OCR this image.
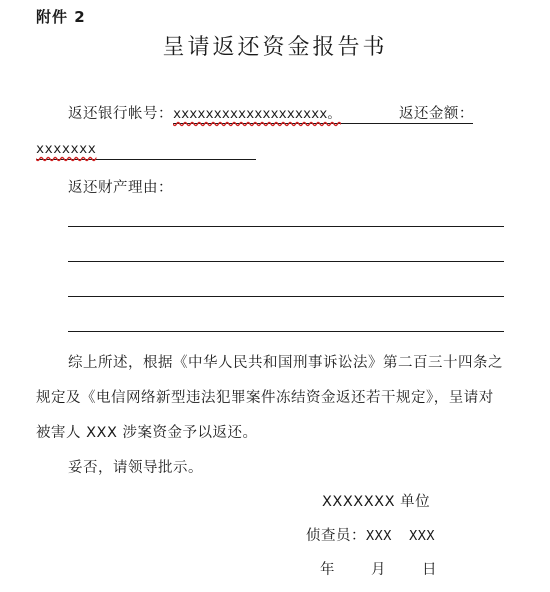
附件 2
呈请返还资金报告书
返还银行帐号：xxxxxxxxxxxxxxxxxxx。	返还金额：
xxxxxxx
返还财产理由：
综上所述，根据《中华人民共和国刑事诉讼法》第二百三十四条之规定及《电信网络新型违法犯罪案件冻结资金返还若干规定》，呈请对被害人 XXX 涉案资金予以返还。
妥否，请领导批示。
XXXXXXX 单位
侦查员：XXX  XXX
年 月 日
